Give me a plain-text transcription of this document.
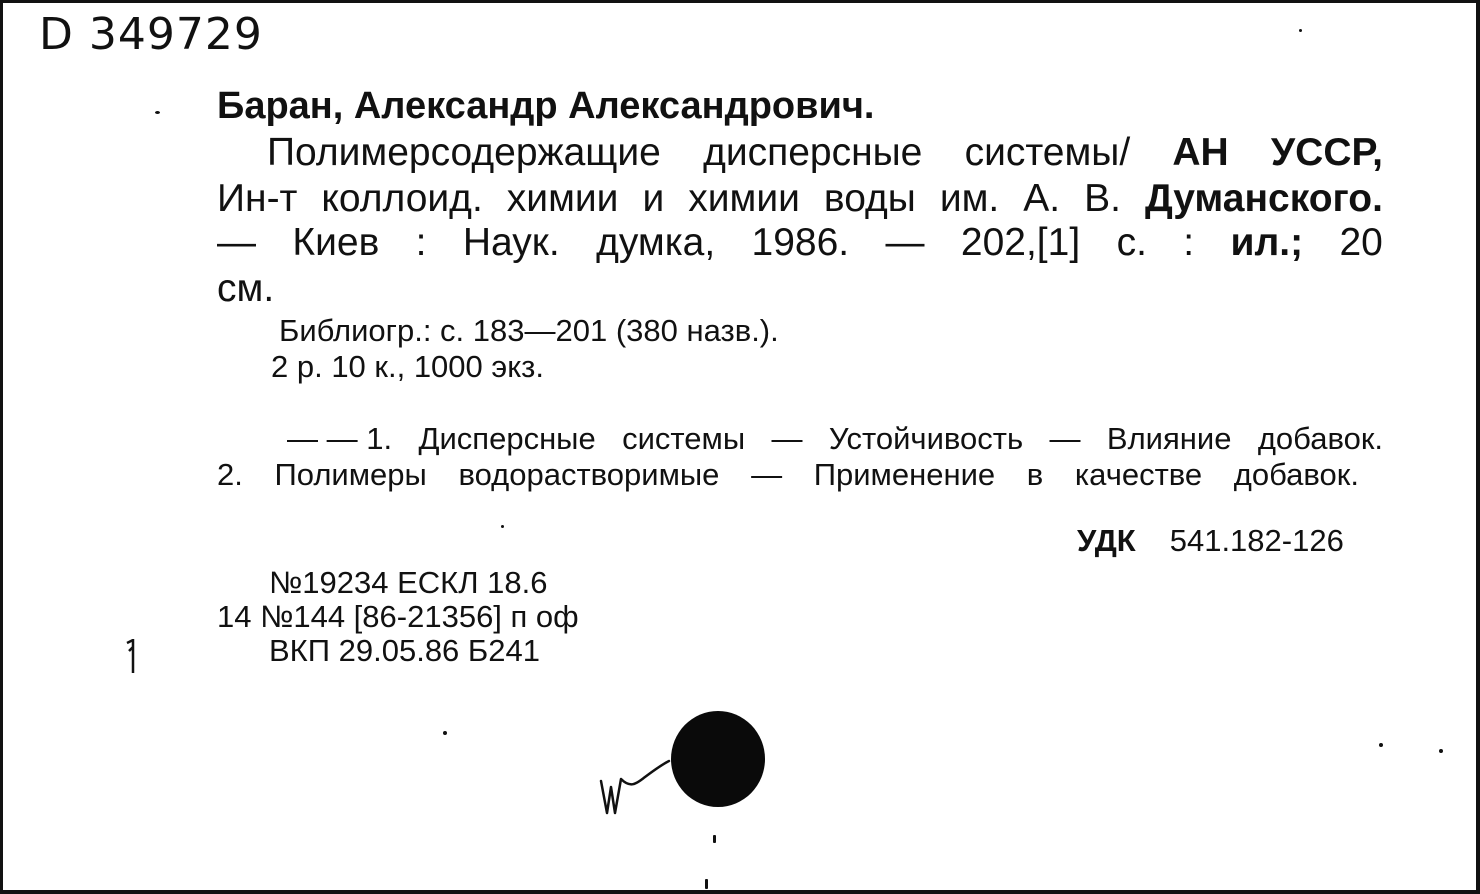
D 349729
Баран, Александр Александрович.
Полимерсодержащие дисперсные системы/ АН УССР,
Ин-т коллоид. химии и химии воды им. А. В. Думанского.
— Киев : Наук. думка, 1986. — 202,[1] с. : ил.; 20
см.
Библиогр.: с. 183—201 (380 назв.).
2 р. 10 к., 1000 экз.
— — 1. Дисперсные системы — Устойчивость — Влияние добавок.
2. Полимеры водорастворимые — Применение в качестве добавок.
УДК 541.182-126
№19234 ЕСКЛ 18.6
14 №144 [86-21356] п оф
ВКП 29.05.86 Б241
